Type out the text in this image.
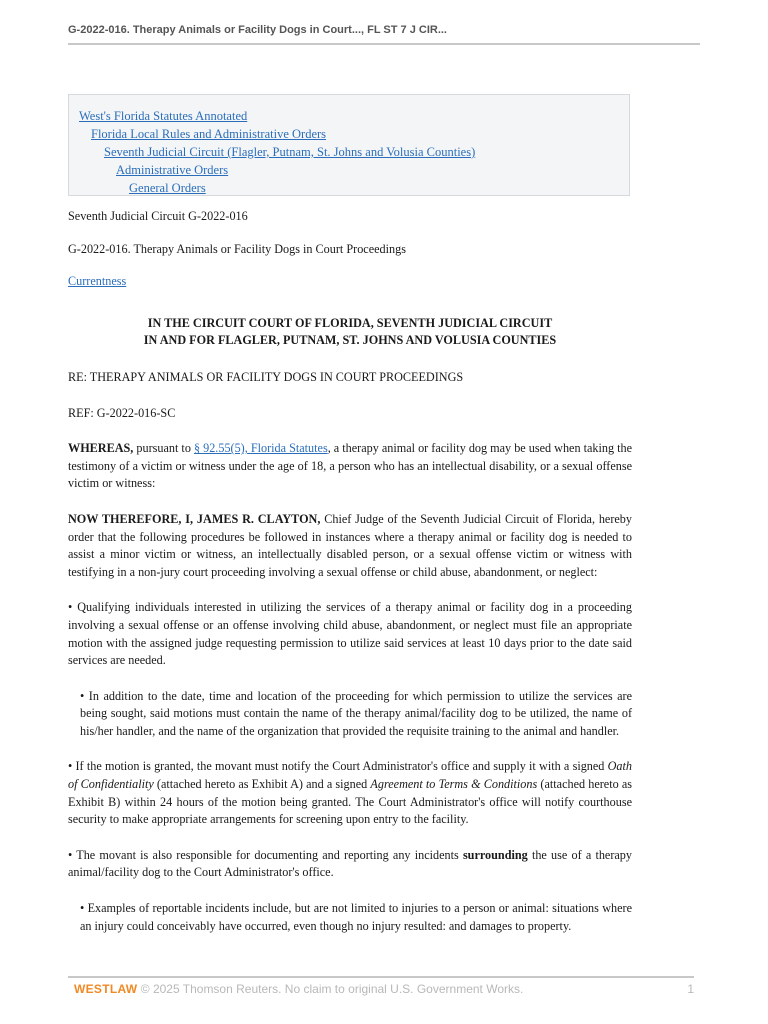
G-2022-016. Therapy Animals or Facility Dogs in Court..., FL ST 7 J CIR...
West's Florida Statutes Annotated
Florida Local Rules and Administrative Orders
Seventh Judicial Circuit (Flagler, Putnam, St. Johns and Volusia Counties)
Administrative Orders
General Orders
Seventh Judicial Circuit G-2022-016
G-2022-016. Therapy Animals or Facility Dogs in Court Proceedings
Currentness
IN THE CIRCUIT COURT OF FLORIDA, SEVENTH JUDICIAL CIRCUIT
IN AND FOR FLAGLER, PUTNAM, ST. JOHNS AND VOLUSIA COUNTIES
RE: THERAPY ANIMALS OR FACILITY DOGS IN COURT PROCEEDINGS
REF: G-2022-016-SC
WHEREAS, pursuant to § 92.55(5), Florida Statutes, a therapy animal or facility dog may be used when taking the testimony of a victim or witness under the age of 18, a person who has an intellectual disability, or a sexual offense victim or witness:
NOW THEREFORE, I, JAMES R. CLAYTON, Chief Judge of the Seventh Judicial Circuit of Florida, hereby order that the following procedures be followed in instances where a therapy animal or facility dog is needed to assist a minor victim or witness, an intellectually disabled person, or a sexual offense victim or witness with testifying in a non-jury court proceeding involving a sexual offense or child abuse, abandonment, or neglect:
• Qualifying individuals interested in utilizing the services of a therapy animal or facility dog in a proceeding involving a sexual offense or an offense involving child abuse, abandonment, or neglect must file an appropriate motion with the assigned judge requesting permission to utilize said services at least 10 days prior to the date said services are needed.
• In addition to the date, time and location of the proceeding for which permission to utilize the services are being sought, said motions must contain the name of the therapy animal/facility dog to be utilized, the name of his/her handler, and the name of the organization that provided the requisite training to the animal and handler.
• If the motion is granted, the movant must notify the Court Administrator's office and supply it with a signed Oath of Confidentiality (attached hereto as Exhibit A) and a signed Agreement to Terms & Conditions (attached hereto as Exhibit B) within 24 hours of the motion being granted. The Court Administrator's office will notify courthouse security to make appropriate arrangements for screening upon entry to the facility.
• The movant is also responsible for documenting and reporting any incidents surrounding the use of a therapy animal/facility dog to the Court Administrator's office.
• Examples of reportable incidents include, but are not limited to injuries to a person or animal: situations where an injury could conceivably have occurred, even though no injury resulted: and damages to property.
WESTLAW © 2025 Thomson Reuters. No claim to original U.S. Government Works.	1
